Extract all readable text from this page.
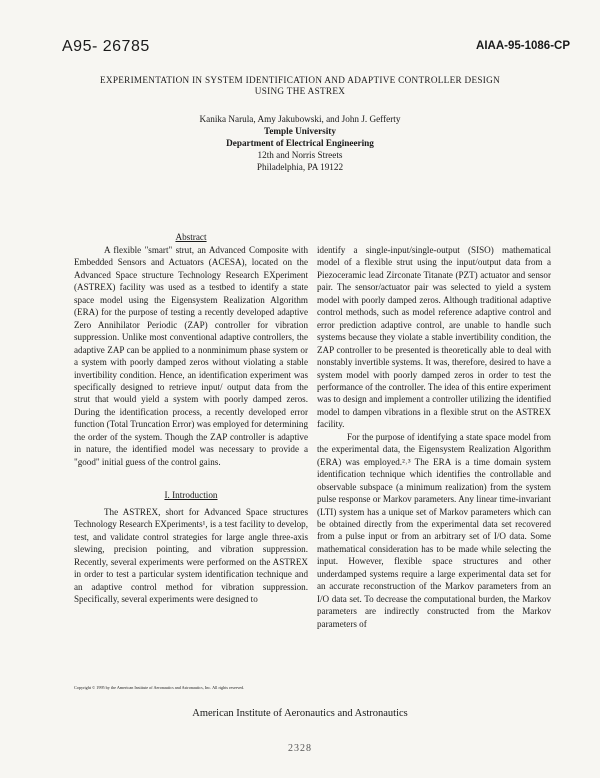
A95- 26785	AIAA-95-1086-CP
EXPERIMENTATION IN SYSTEM IDENTIFICATION AND ADAPTIVE CONTROLLER DESIGN
USING THE ASTREX
Kanika Narula, Amy Jakubowski, and John J. Gefferty
Temple University
Department of Electrical Engineering
12th and Norris Streets
Philadelphia, PA 19122
Abstract

A flexible "smart" strut, an Advanced Composite with Embedded Sensors and Actuators (ACESA), located on the Advanced Space structure Technology Research EXperiment (ASTREX) facility was used as a testbed to identify a state space model using the Eigensystem Realization Algorithm (ERA) for the purpose of testing a recently developed adaptive Zero Annihilator Periodic (ZAP) controller for vibration suppression. Unlike most conventional adaptive controllers, the adaptive ZAP can be applied to a nonminimum phase system or a system with poorly damped zeros without violating a stable invertibility condition. Hence, an identification experiment was specifically designed to retrieve input/ output data from the strut that would yield a system with poorly damped zeros. During the identification process, a recently developed error function (Total Truncation Error) was employed for determining the order of the system. Though the ZAP controller is adaptive in nature, the identified model was necessary to provide a "good" initial guess of the control gains.

I. Introduction

The ASTREX, short for Advanced Space structures Technology Research EXperiments¹, is a test facility to develop, test, and validate control strategies for large angle three-axis slewing, precision pointing, and vibration suppression. Recently, several experiments were performed on the ASTREX in order to test a particular system identification technique and an adaptive control method for vibration suppression. Specifically, several experiments were designed to

identify a single-input/single-output (SISO) mathematical model of a flexible strut using the input/output data from a Piezoceramic lead Zirconate Titanate (PZT) actuator and sensor pair. The sensor/actuator pair was selected to yield a system model with poorly damped zeros. Although traditional adaptive control methods, such as model reference adaptive control and error prediction adaptive control, are unable to handle such systems because they violate a stable invertibility condition, the ZAP controller to be presented is theoretically able to deal with nonstably invertible systems. It was, therefore, desired to have a system model with poorly damped zeros in order to test the performance of the controller. The idea of this entire experiment was to design and implement a controller utilizing the identified model to dampen vibrations in a flexible strut on the ASTREX facility.

For the purpose of identifying a state space model from the experimental data, the Eigensystem Realization Algorithm (ERA) was employed.²˒³ The ERA is a time domain system identification technique which identifies the controllable and observable subspace (a minimum realization) from the system pulse response or Markov parameters. Any linear time-invariant (LTI) system has a unique set of Markov parameters which can be obtained directly from the experimental data set recovered from a pulse input or from an arbitrary set of I/O data. Some mathematical consideration has to be made while selecting the input. However, flexible space structures and other underdamped systems require a large experimental data set for an accurate reconstruction of the Markov parameters from an I/O data set. To decrease the computational burden, the Markov parameters are indirectly constructed from the Markov parameters of

Copyright © 1995 by the American Institute of Aeronautics and Astronautics, Inc. All rights reserved.
American Institute of Aeronautics and Astronautics
2328
